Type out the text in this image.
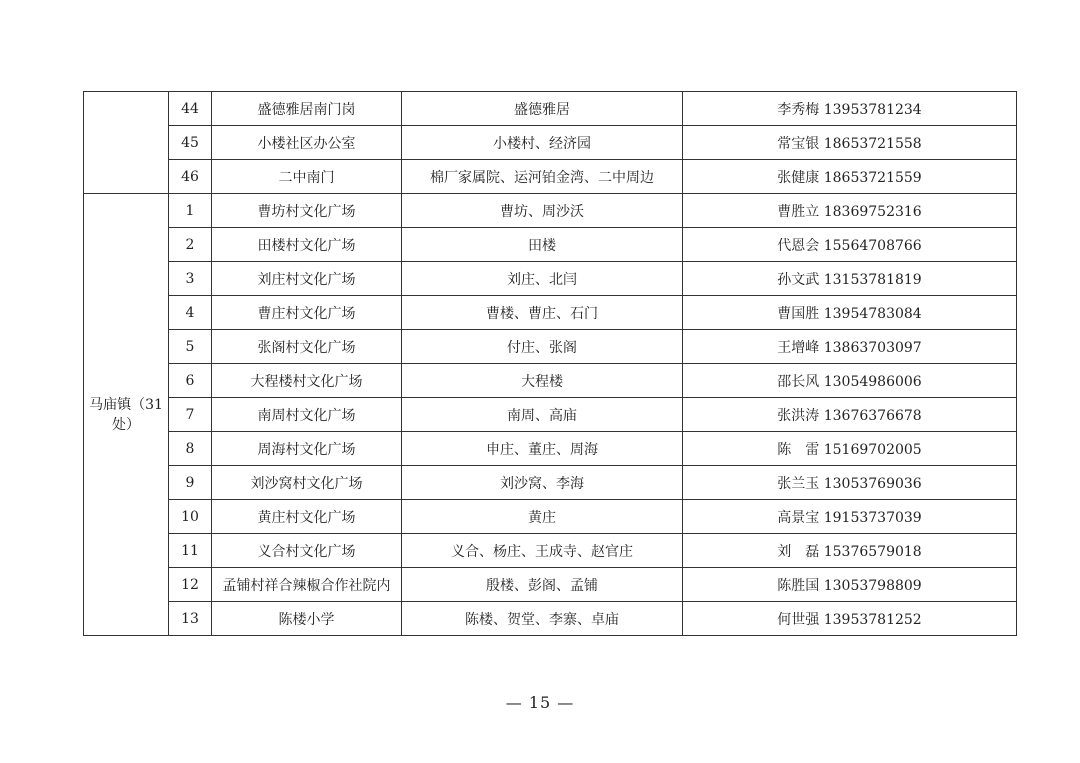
	44	盛德雅居南门岗	盛德雅居	李秀梅 13953781234
	45	小楼社区办公室	小楼村、经济园	常宝银 18653721558
	46	二中南门	棉厂家属院、运河铂金湾、二中周边	张健康 18653721559
马庙镇（31处）	1	曹坊村文化广场	曹坊、周沙沃	曹胜立 18369752316
	2	田楼村文化广场	田楼	代恩会 15564708766
	3	刘庄村文化广场	刘庄、北闫	孙文武 13153781819
	4	曹庄村文化广场	曹楼、曹庄、石门	曹国胜 13954783084
	5	张阁村文化广场	付庄、张阁	王增峰 13863703097
	6	大程楼村文化广场	大程楼	邵长风 13054986006
	7	南周村文化广场	南周、高庙	张洪涛 13676376678
	8	周海村文化广场	申庄、董庄、周海	陈　雷 15169702005
	9	刘沙窝村文化广场	刘沙窝、李海	张兰玉 13053769036
	10	黄庄村文化广场	黄庄	高景宝 19153737039
	11	义合村文化广场	义合、杨庄、王成寺、赵官庄	刘　磊 15376579018
	12	孟铺村祥合辣椒合作社院内	殷楼、彭阁、孟铺	陈胜国 13053798809
	13	陈楼小学	陈楼、贺堂、李寨、卓庙	何世强 13953781252
— 15 —
